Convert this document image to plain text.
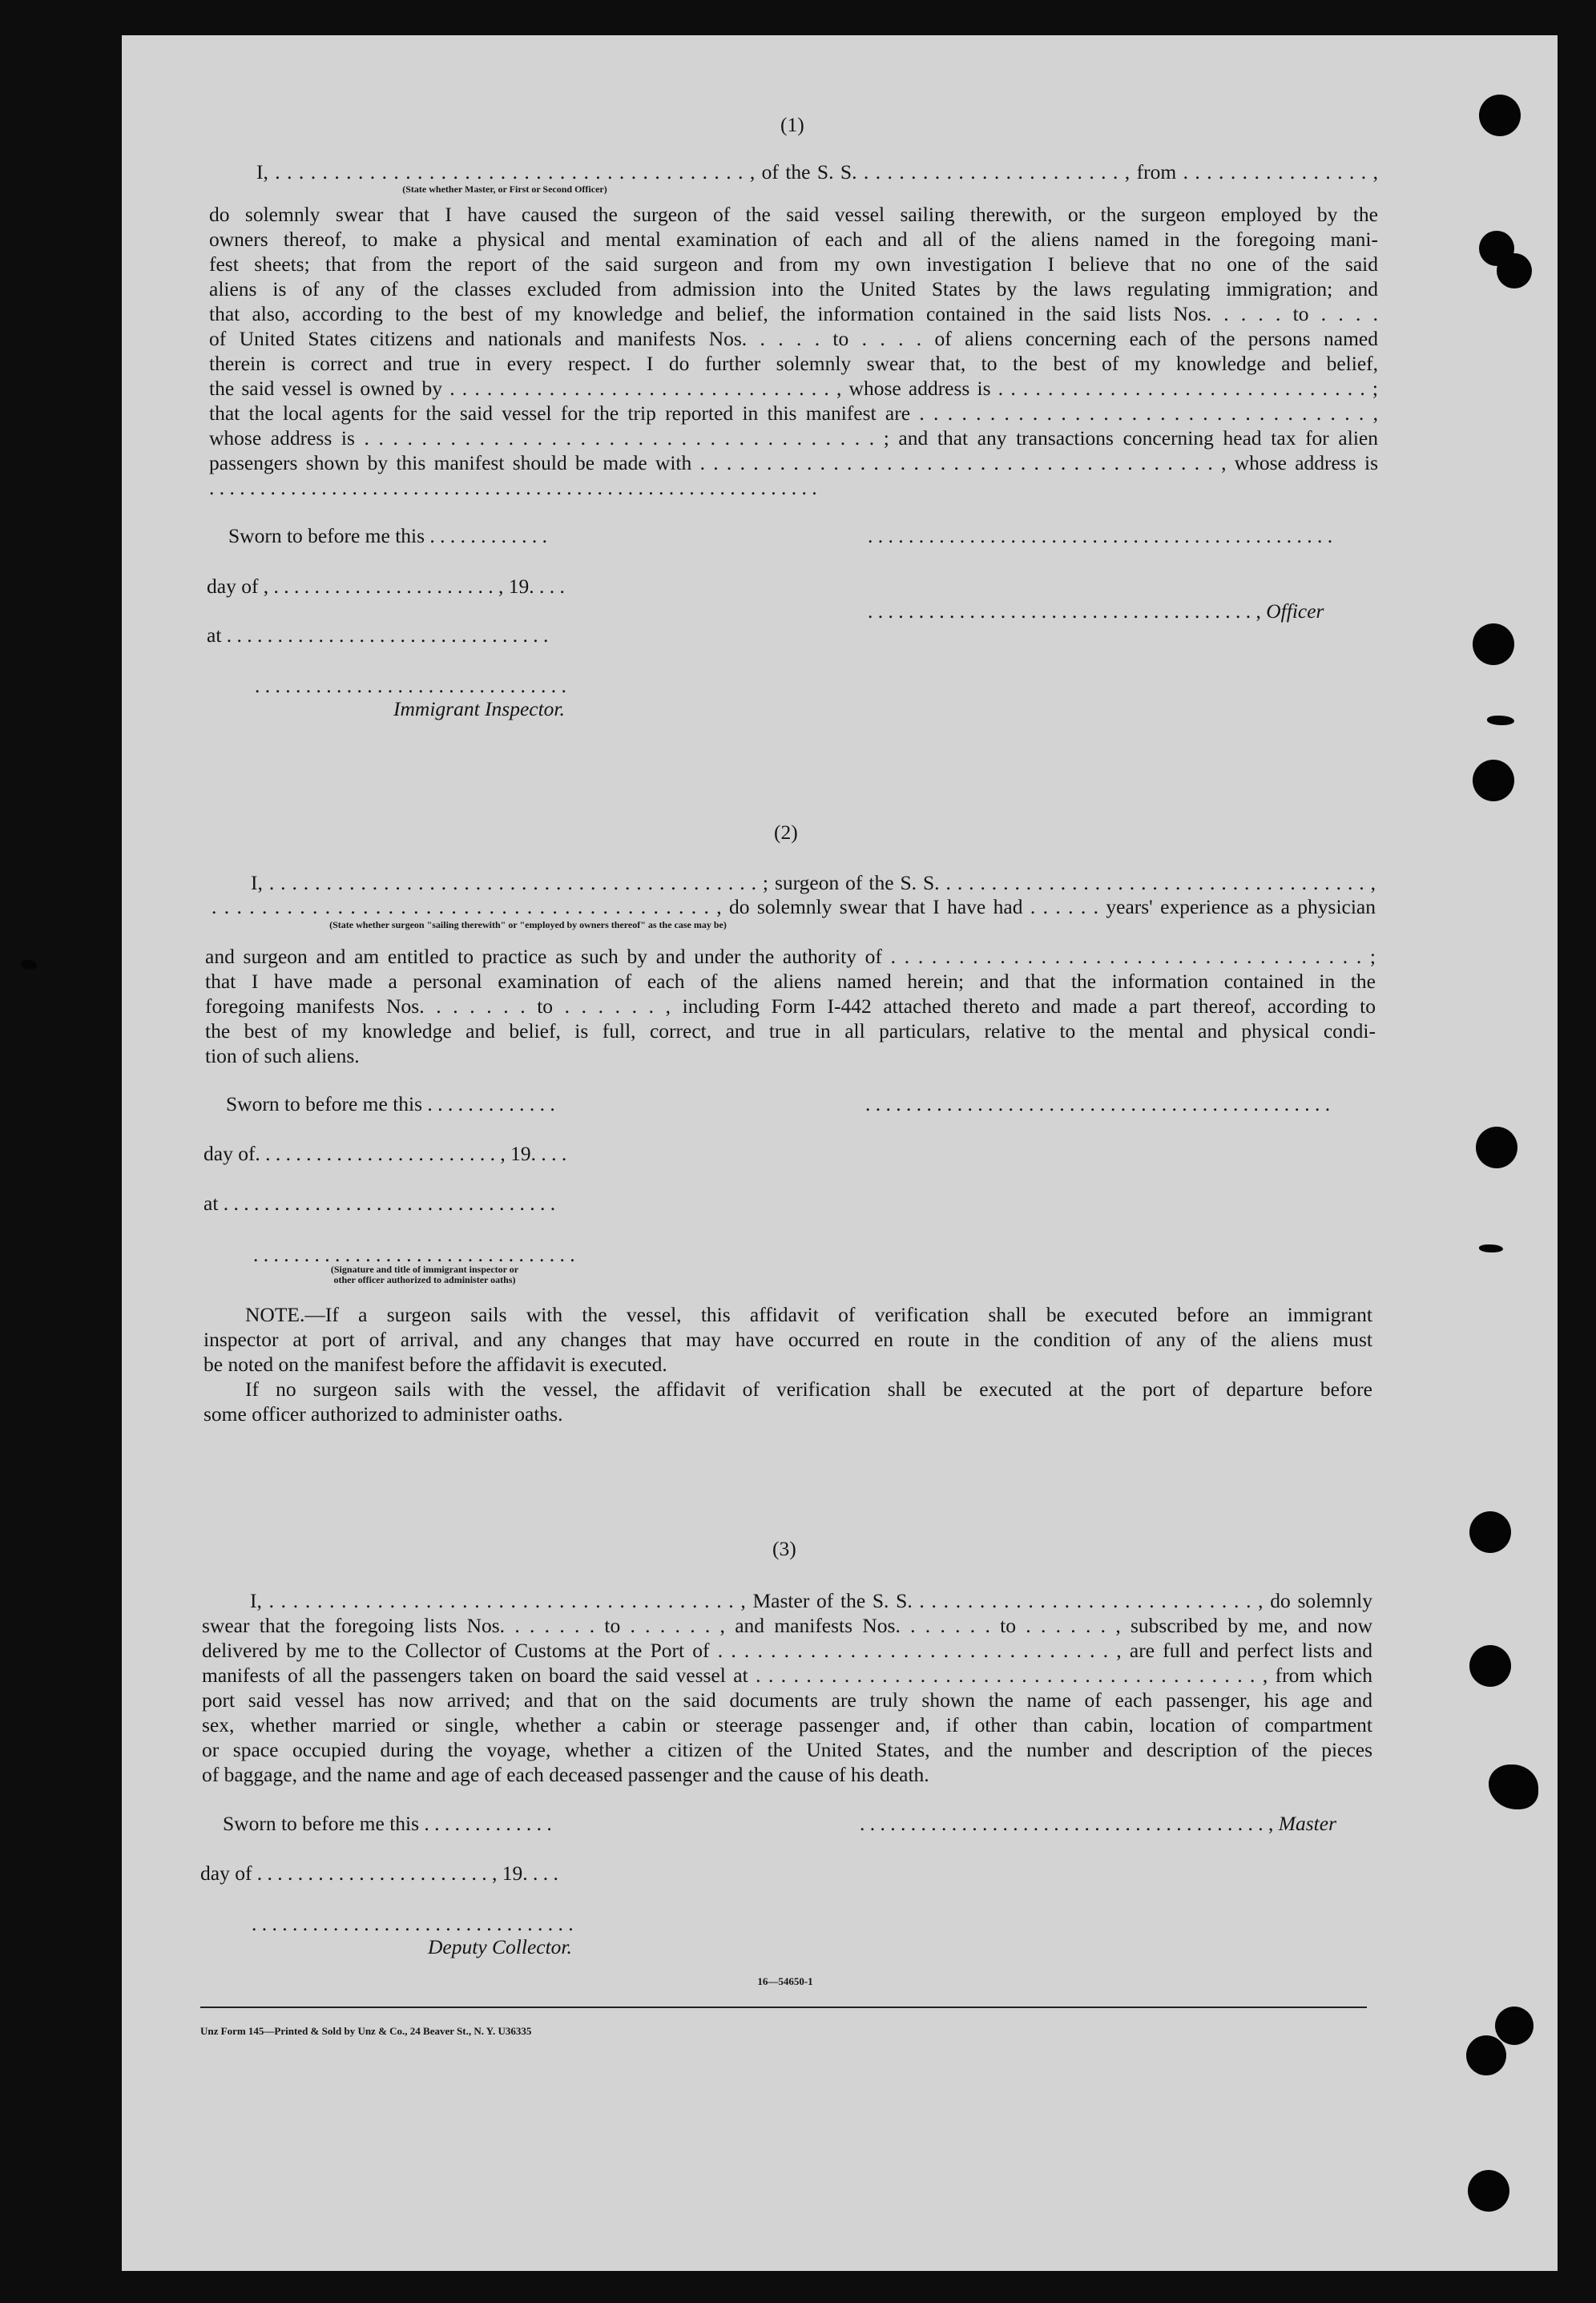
(1)
I, . . . . . . . . . . . . . . . . . . . . . . . . . . . . . . . . . . . . . . . . , of the S. S. . . . . . . . . . . . . . . . . . . . . . . , from . . . . . . . . . . . . . . . . ,
(State whether Master, or First or Second Officer)
do solemnly swear that I have caused the surgeon of the said vessel sailing therewith, or the surgeon employed by the
owners thereof, to make a physical and mental examination of each and all of the aliens named in the foregoing mani-
fest sheets; that from the report of the said surgeon and from my own investigation I believe that no one of the said
aliens is of any of the classes excluded from admission into the United States by the laws regulating immigration; and
that also, according to the best of my knowledge and belief, the information contained in the said lists Nos. . . . . to . . . .
of United States citizens and nationals and manifests Nos. . . . . to . . . . of aliens concerning each of the persons named
therein is correct and true in every respect. I do further solemnly swear that, to the best of my knowledge and belief,
the said vessel is owned by . . . . . . . . . . . . . . . . . . . . . . . . . . . . . . . , whose address is . . . . . . . . . . . . . . . . . . . . . . . . . . . . . . ;
that the local agents for the said vessel for the trip reported in this manifest are . . . . . . . . . . . . . . . . . . . . . . . . . . . . . . . . ,
whose address is . . . . . . . . . . . . . . . . . . . . . . . . . . . . . . . . . . . . ; and that any transactions concerning head tax for alien
passengers shown by this manifest should be made with . . . . . . . . . . . . . . . . . . . . . . . . . . . . . . . . . . . . . . . , whose address is
. . . . . . . . . . . . . . . . . . . . . . . . . . . . . . . . . . . . . . . . . . . . . . . . . . . . . . . . . . . .
Sworn to before me this . . . . . . . . . . . .	. . . . . . . . . . . . . . . . . . . . . . . . . . . . . . . . . . . . . . . . . . . . . .
day of , . . . . . . . . . . . . . . . . . . . . . . , 19. . . .
. . . . . . . . . . . . . . . . . . . . . . . . . . . . . . . . . . . . . . , Officer
at . . . . . . . . . . . . . . . . . . . . . . . . . . . . . . . .
. . . . . . . . . . . . . . . . . . . . . . . . . . . . . . .
Immigrant Inspector.
(2)
I, . . . . . . . . . . . . . . . . . . . . . . . . . . . . . . . . . . . . . . . . . . . ; surgeon of the S. S. . . . . . . . . . . . . . . . . . . . . . . . . . . . . . . . . . . . . . ,
. . . . . . . . . . . . . . . . . . . . . . . . . . . . . . . . . . . . . . . . , do solemnly swear that I have had . . . . . . years' experience as a physician
(State whether surgeon "sailing therewith" or "employed by owners thereof" as the case may be)
and surgeon and am entitled to practice as such by and under the authority of . . . . . . . . . . . . . . . . . . . . . . . . . . . . . . . . . . . ;
that I have made a personal examination of each of the aliens named herein; and that the information contained in the
foregoing manifests Nos. . . . . . . to . . . . . . , including Form I-442 attached thereto and made a part thereof, according to
the best of my knowledge and belief, is full, correct, and true in all particulars, relative to the mental and physical condi-
tion of such aliens.
Sworn to before me this . . . . . . . . . . . . .	. . . . . . . . . . . . . . . . . . . . . . . . . . . . . . . . . . . . . . . . . . . . . .
day of. . . . . . . . . . . . . . . . . . . . . . . . , 19. . . .
at . . . . . . . . . . . . . . . . . . . . . . . . . . . . . . . . .
. . . . . . . . . . . . . . . . . . . . . . . . . . . . . . . .
(Signature and title of immigrant inspector or
other officer authorized to administer oaths)
NOTE.—If a surgeon sails with the vessel, this affidavit of verification shall be executed before an immigrant
inspector at port of arrival, and any changes that may have occurred en route in the condition of any of the aliens must
be noted on the manifest before the affidavit is executed.
If no surgeon sails with the vessel, the affidavit of verification shall be executed at the port of departure before
some officer authorized to administer oaths.
(3)
I, . . . . . . . . . . . . . . . . . . . . . . . . . . . . . . . . . . . . . . . , Master of the S. S. . . . . . . . . . . . . . . . . . . . . . . . . . . . . , do solemnly
swear that the foregoing lists Nos. . . . . . . to . . . . . . , and manifests Nos. . . . . . . to . . . . . . , subscribed by me, and now
delivered by me to the Collector of Customs at the Port of . . . . . . . . . . . . . . . . . . . . . . . . . . . . . . , are full and perfect lists and
manifests of all the passengers taken on board the said vessel at . . . . . . . . . . . . . . . . . . . . . . . . . . . . . . . . . . . . . . . . , from which
port said vessel has now arrived; and that on the said documents are truly shown the name of each passenger, his age and
sex, whether married or single, whether a cabin or steerage passenger and, if other than cabin, location of compartment
or space occupied during the voyage, whether a citizen of the United States, and the number and description of the pieces
of baggage, and the name and age of each deceased passenger and the cause of his death.
Sworn to before me this . . . . . . . . . . . . .	. . . . . . . . . . . . . . . . . . . . . . . . . . . . . . . . . . . . . . . . , Master
day of . . . . . . . . . . . . . . . . . . . . . . . , 19. . . .
. . . . . . . . . . . . . . . . . . . . . . . . . . . . . . . .
Deputy Collector.
16—54650-1
Unz Form 145—Printed & Sold by Unz & Co., 24 Beaver St., N. Y. U36335
